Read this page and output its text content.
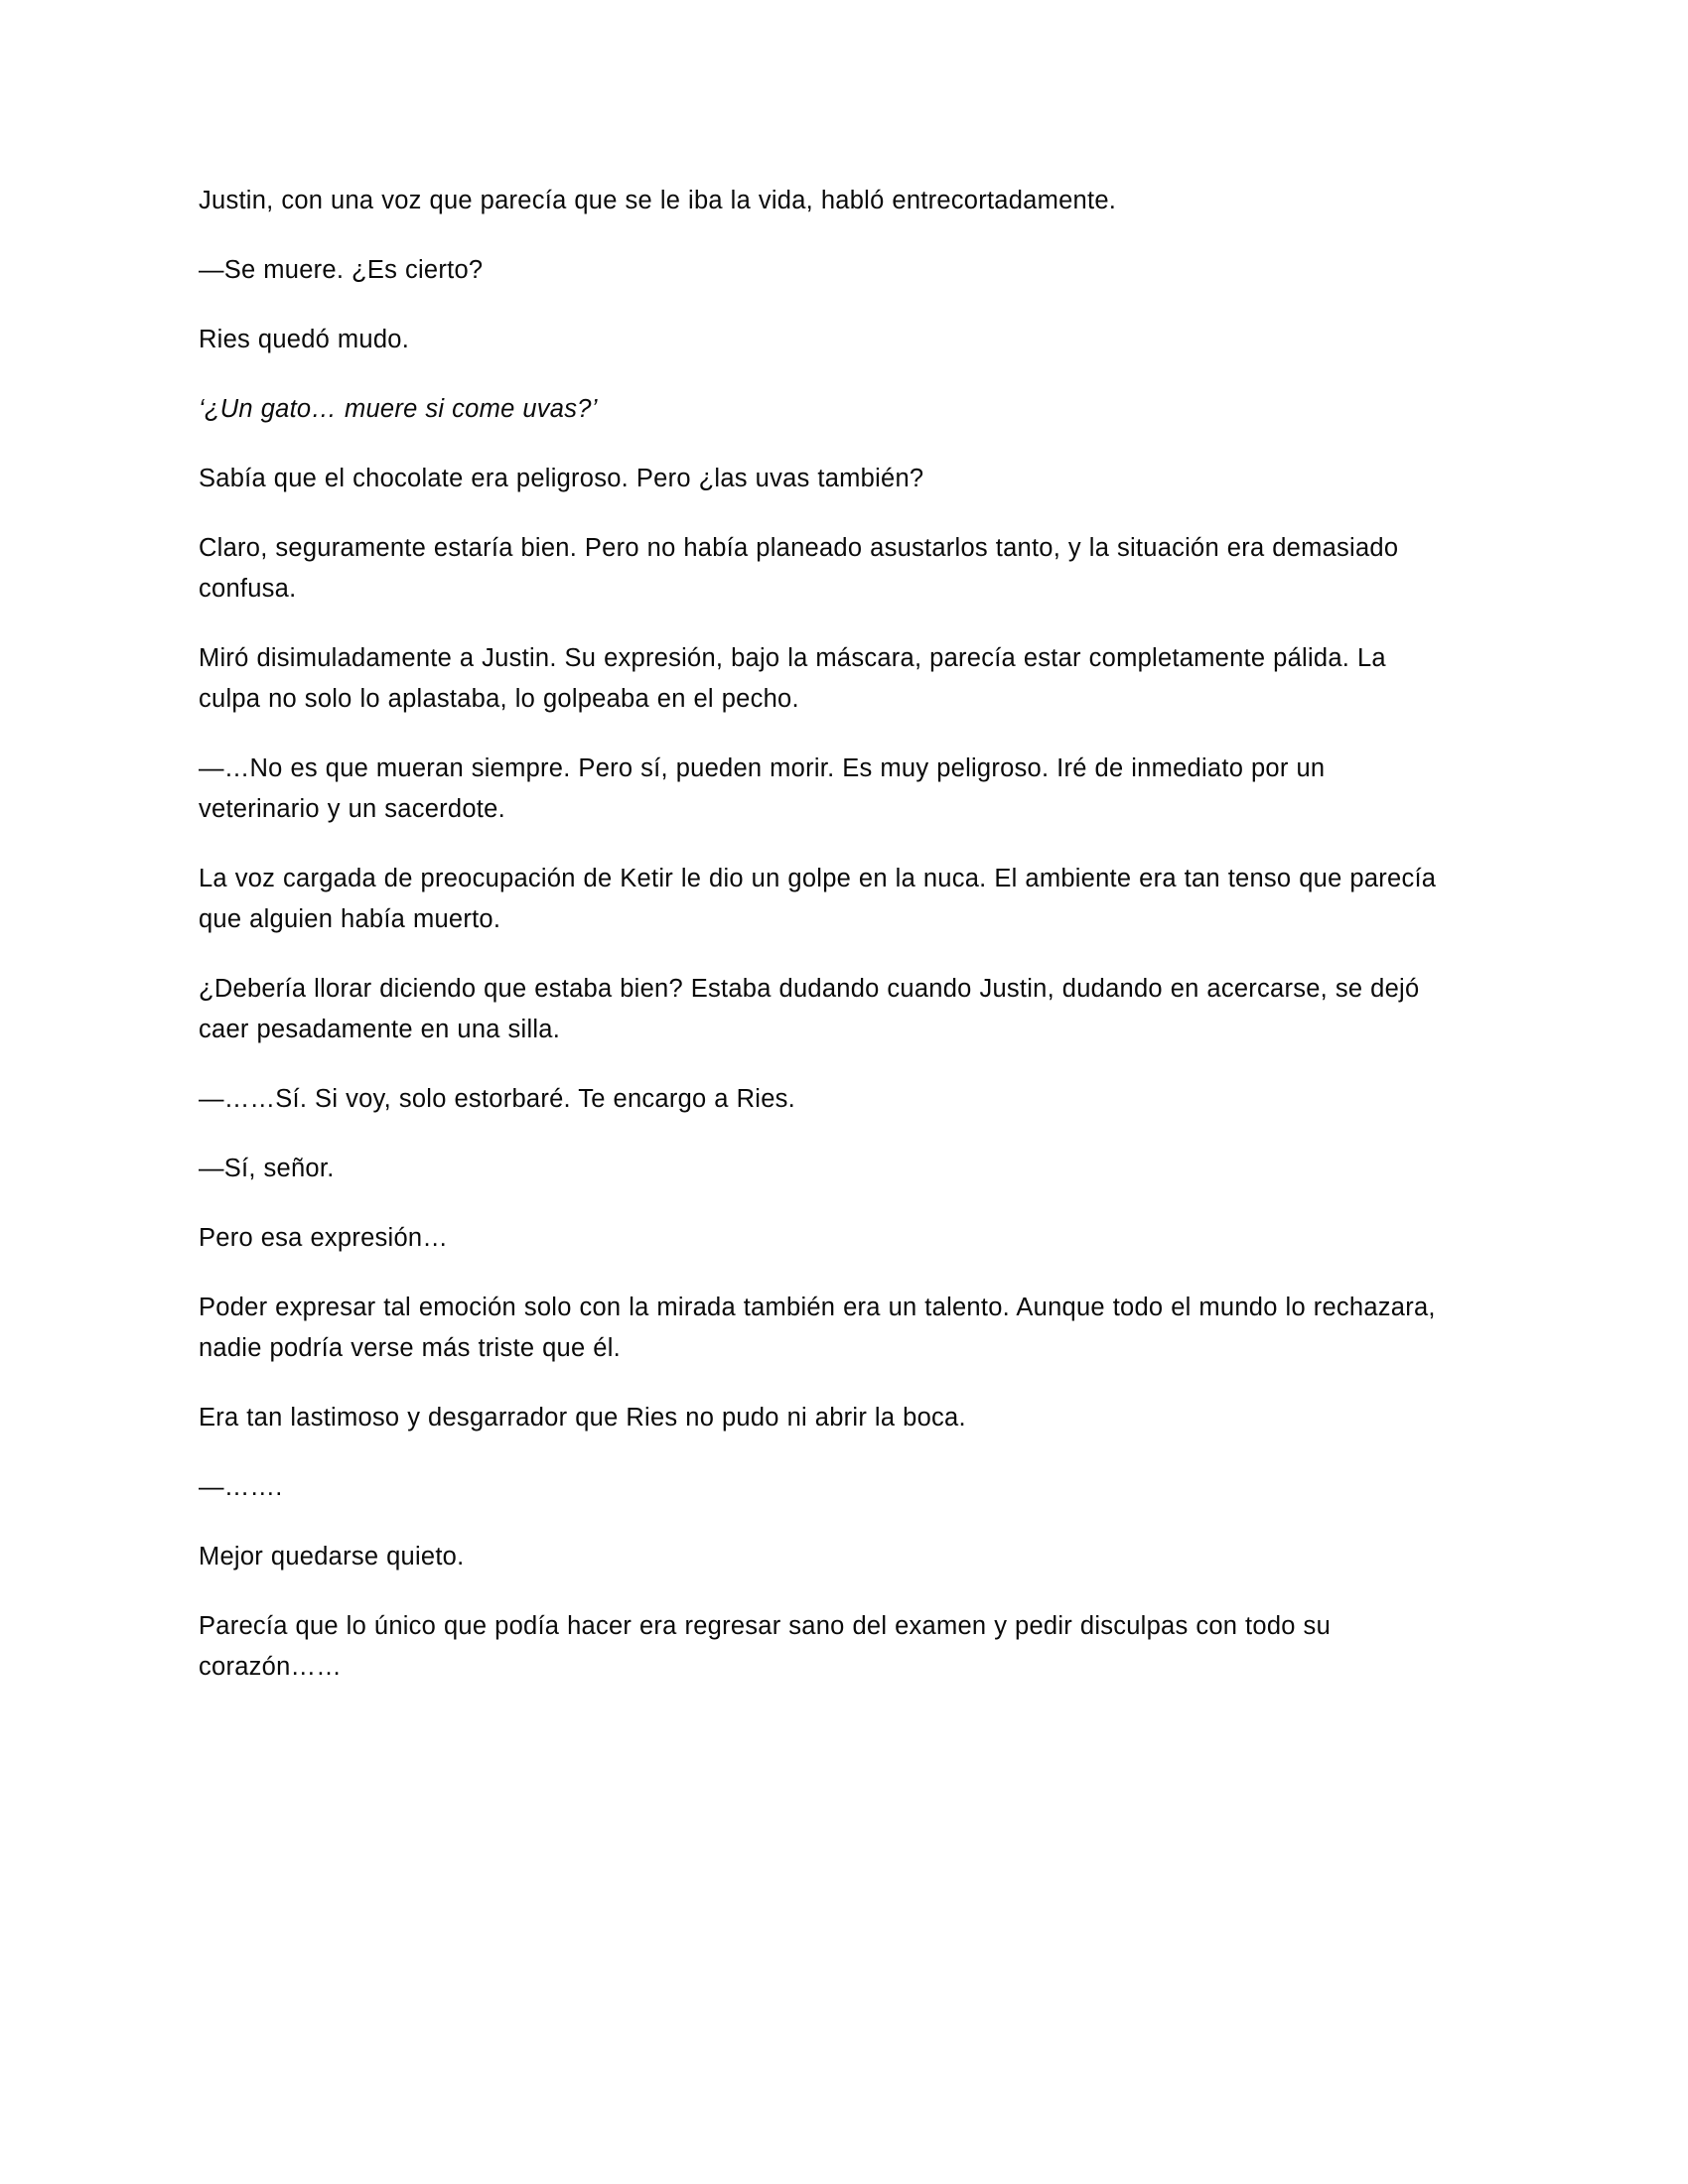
Justin, con una voz que parecía que se le iba la vida, habló entrecortadamente.

—Se muere. ¿Es cierto?

Ries quedó mudo.

‘¿Un gato… muere si come uvas?’

Sabía que el chocolate era peligroso. Pero ¿las uvas también?

Claro, seguramente estaría bien. Pero no había planeado asustarlos tanto, y la situación era demasiado confusa.

Miró disimuladamente a Justin. Su expresión, bajo la máscara, parecía estar completamente pálida. La culpa no solo lo aplastaba, lo golpeaba en el pecho.

—…No es que mueran siempre. Pero sí, pueden morir. Es muy peligroso. Iré de inmediato por un veterinario y un sacerdote.

La voz cargada de preocupación de Ketir le dio un golpe en la nuca. El ambiente era tan tenso que parecía que alguien había muerto.

¿Debería llorar diciendo que estaba bien? Estaba dudando cuando Justin, dudando en acercarse, se dejó caer pesadamente en una silla.

—……Sí. Si voy, solo estorbaré. Te encargo a Ries.

—Sí, señor.

Pero esa expresión…

Poder expresar tal emoción solo con la mirada también era un talento. Aunque todo el mundo lo rechazara, nadie podría verse más triste que él.

Era tan lastimoso y desgarrador que Ries no pudo ni abrir la boca.

—…….

Mejor quedarse quieto.

Parecía que lo único que podía hacer era regresar sano del examen y pedir disculpas con todo su corazón……
